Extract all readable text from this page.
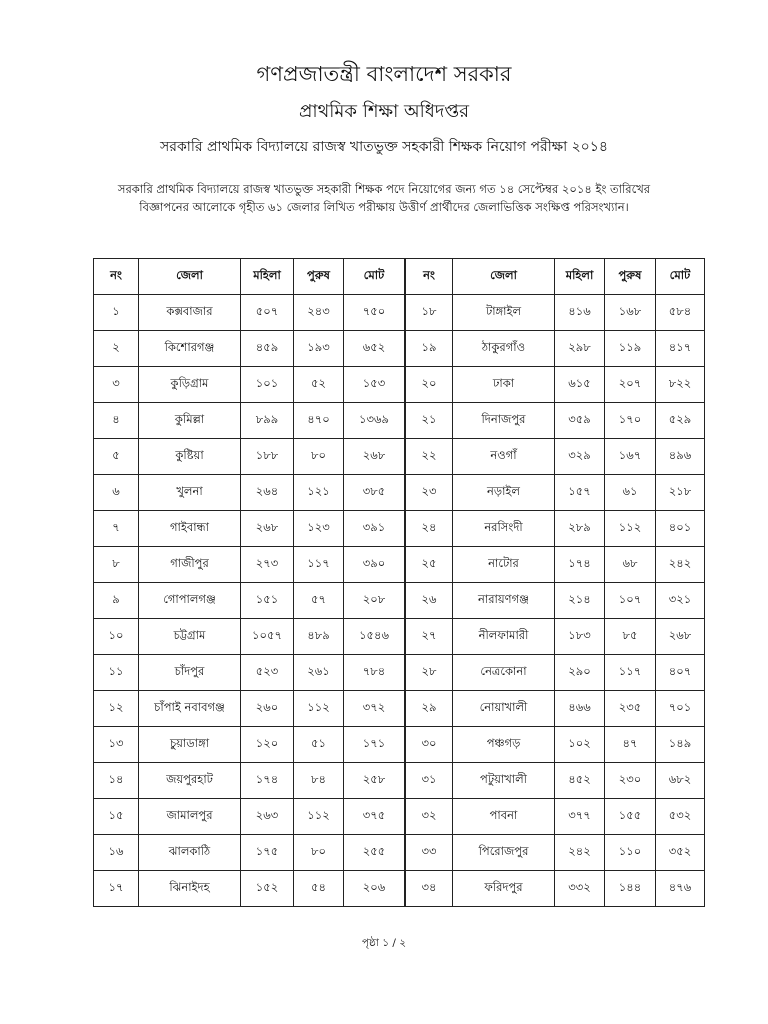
গণপ্রজাতন্ত্রী বাংলাদেশ সরকার
প্রাথমিক শিক্ষা অধিদপ্তর
সরকারি প্রাথমিক বিদ্যালয়ে রাজস্ব খাতভুক্ত সহকারী শিক্ষক নিয়োগ পরীক্ষা ২০১৪
সরকারি প্রাথমিক বিদ্যালয়ে রাজস্ব খাতভুক্ত সহকারী শিক্ষক পদে নিয়োগের জন্য গত ১৪ সেপ্টেম্বর ২০১৪ ইং তারিখের
বিজ্ঞাপনের আলোকে গৃহীত ৬১ জেলার লিখিত পরীক্ষায় উত্তীর্ণ প্রার্থীদের জেলাভিত্তিক সংক্ষিপ্ত পরিসংখ্যান।
নং	জেলা	মহিলা	পুরুষ	মোট
১	কক্সবাজার	৫০৭	২৪৩	৭৫০
২	কিশোরগঞ্জ	৪৫৯	১৯৩	৬৫২
৩	কুড়িগ্রাম	১০১	৫২	১৫৩
৪	কুমিল্লা	৮৯৯	৪৭০	১৩৬৯
৫	কুষ্টিয়া	১৮৮	৮০	২৬৮
৬	খুলনা	২৬৪	১২১	৩৮৫
৭	গাইবান্ধা	২৬৮	১২৩	৩৯১
৮	গাজীপুর	২৭৩	১১৭	৩৯০
৯	গোপালগঞ্জ	১৫১	৫৭	২০৮
১০	চট্টগ্রাম	১০৫৭	৪৮৯	১৫৪৬
১১	চাঁদপুর	৫২৩	২৬১	৭৮৪
১২	চাঁপাই নবাবগঞ্জ	২৬০	১১২	৩৭২
১৩	চুয়াডাঙ্গা	১২০	৫১	১৭১
১৪	জয়পুরহাট	১৭৪	৮৪	২৫৮
১৫	জামালপুর	২৬৩	১১২	৩৭৫
১৬	ঝালকাঠি	১৭৫	৮০	২৫৫
১৭	ঝিনাইদহ	১৫২	৫৪	২০৬
নং	জেলা	মহিলা	পুরুষ	মোট
১৮	টাঙ্গাইল	৪১৬	১৬৮	৫৮৪
১৯	ঠাকুরগাঁও	২৯৮	১১৯	৪১৭
২০	ঢাকা	৬১৫	২০৭	৮২২
২১	দিনাজপুর	৩৫৯	১৭০	৫২৯
২২	নওগাঁ	৩২৯	১৬৭	৪৯৬
২৩	নড়াইল	১৫৭	৬১	২১৮
২৪	নরসিংদী	২৮৯	১১২	৪০১
২৫	নাটোর	১৭৪	৬৮	২৪২
২৬	নারায়ণগঞ্জ	২১৪	১০৭	৩২১
২৭	নীলফামারী	১৮৩	৮৫	২৬৮
২৮	নেত্রকোনা	২৯০	১১৭	৪০৭
২৯	নোয়াখালী	৪৬৬	২৩৫	৭০১
৩০	পঞ্চগড়	১০২	৪৭	১৪৯
৩১	পটুয়াখালী	৪৫২	২৩০	৬৮২
৩২	পাবনা	৩৭৭	১৫৫	৫৩২
৩৩	পিরোজপুর	২৪২	১১০	৩৫২
৩৪	ফরিদপুর	৩৩২	১৪৪	৪৭৬
পৃষ্ঠা ১ / ২
